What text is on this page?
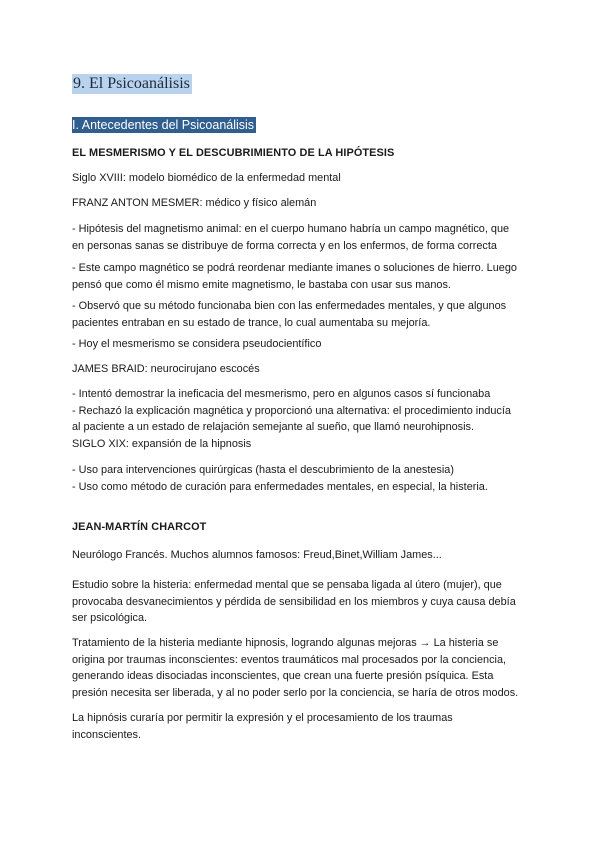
9. El Psicoanálisis
I. Antecedentes del Psicoanálisis
EL MESMERISMO Y EL DESCUBRIMIENTO DE LA HIPÓTESIS
Siglo XVIII: modelo biomédico de la enfermedad mental
FRANZ ANTON MESMER: médico y físico alemán
- Hipótesis del magnetismo animal: en el cuerpo humano habría un campo magnético, que
en personas sanas se distribuye de forma correcta y en los enfermos, de forma correcta
- Este campo magnético se podrá reordenar mediante imanes o soluciones de hierro. Luego
pensó que como él mismo emite magnetismo, le bastaba con usar sus manos.
- Observó que su método funcionaba bien con las enfermedades mentales, y que algunos
pacientes entraban en su estado de trance, lo cual aumentaba su mejoría.
- Hoy el mesmerismo se considera pseudocientífico
JAMES BRAID: neurocirujano escocés
- Intentó demostrar la ineficacia del mesmerismo, pero en algunos casos sí funcionaba
- Rechazó la explicación magnética y proporcionó una alternativa: el procedimiento inducía
al paciente a un estado de relajación semejante al sueño, que llamó neurohipnosis.
SIGLO XIX: expansión de la hipnosis
- Uso para intervenciones quirúrgicas (hasta el descubrimiento de la anestesia)
- Uso como método de curación para enfermedades mentales, en especial, la histeria.
JEAN-MARTÍN CHARCOT
Neurólogo Francés. Muchos alumnos famosos: Freud,Binet,William James...
Estudio sobre la histeria: enfermedad mental que se pensaba ligada al útero (mujer), que
provocaba desvanecimientos y pérdida de sensibilidad en los miembros y cuya causa debía
ser psicológica.
Tratamiento de la histeria mediante hipnosis, logrando algunas mejoras → La histeria se
origina por traumas inconscientes: eventos traumáticos mal procesados por la conciencia,
generando ideas disociadas inconscientes, que crean una fuerte presión psíquica. Esta
presión necesita ser liberada, y al no poder serlo por la conciencia, se haría de otros modos.
La hipnósis curaría por permitir la expresión y el procesamiento de los traumas
inconscientes.
